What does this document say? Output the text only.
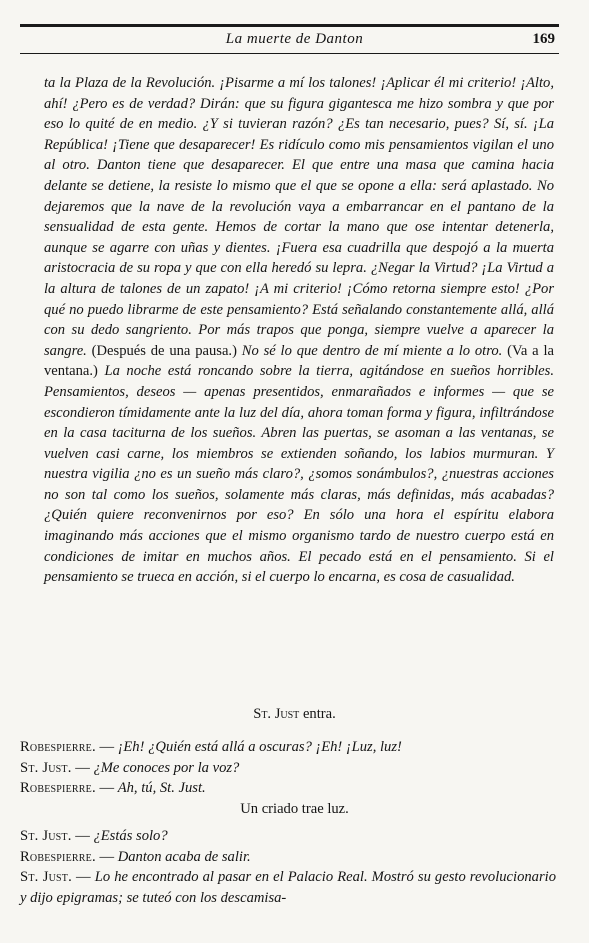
La muerte de Danton	169

ta la Plaza de la Revolución. ¡Pisarme a mí los talones! ¡Aplicar él mi criterio! ¡Alto, ahí! ¿Pero es de verdad? Dirán: que su figura gigantesca me hizo sombra y que por eso lo quité de en medio. ¿Y si tuvieran razón? ¿Es tan necesario, pues? Sí, sí. ¡La República! ¡Tiene que desaparecer! Es ridículo como mis pensamientos vigilan el uno al otro. Danton tiene que desaparecer. El que entre una masa que camina hacia delante se detiene, la resiste lo mismo que el que se opone a ella: será aplastado. No dejaremos que la nave de la revolución vaya a embarrancar en el pantano de la sensualidad de esta gente. Hemos de cortar la mano que ose intentar detenerla, aunque se agarre con uñas y dientes. ¡Fuera esa cuadrilla que despojó a la muerta aristocracia de su ropa y que con ella heredó su lepra. ¿Negar la Virtud? ¡La Virtud a la altura de talones de un zapato! ¡A mi criterio! ¡Cómo retorna siempre esto! ¿Por qué no puedo librarme de este pensamiento? Está señalando constantemente allá, allá con su dedo sangriento. Por más trapos que ponga, siempre vuelve a aparecer la sangre. (Después de una pausa.) No sé lo que dentro de mí miente a lo otro. (Va a la ventana.) La noche está roncando sobre la tierra, agitándose en sueños horribles. Pensamientos, deseos — apenas presentidos, enmarañados e informes — que se escondieron tímidamente ante la luz del día, ahora toman forma y figura, infiltrándose en la casa taciturna de los sueños. Abren las puertas, se asoman a las ventanas, se vuelven casi carne, los miembros se extienden soñando, los labios murmuran. Y nuestra vigilia ¿no es un sueño más claro?, ¿somos sonámbulos?, ¿nuestras acciones no son tal como los sueños, solamente más claras, más definidas, más acabadas? ¿Quién quiere reconvenirnos por eso? En sólo una hora el espíritu elabora imaginando más acciones que el mismo organismo tardo de nuestro cuerpo está en condiciones de imitar en muchos años. El pecado está en el pensamiento. Si el pensamiento se trueca en acción, si el cuerpo lo encarna, es cosa de casualidad.

St. Just entra.
Robespierre. — ¡Eh! ¿Quién está allá a oscuras? ¡Eh! ¡Luz, luz!
St. Just. — ¿Me conoces por la voz?
Robespierre. — Ah, tú, St. Just.
Un criado trae luz.
St. Just. — ¿Estás solo?
Robespierre. — Danton acaba de salir.
St. Just. — Lo he encontrado al pasar en el Palacio Real. Mostró su gesto revolucionario y dijo epigramas; se tuteó con los descamisa-
